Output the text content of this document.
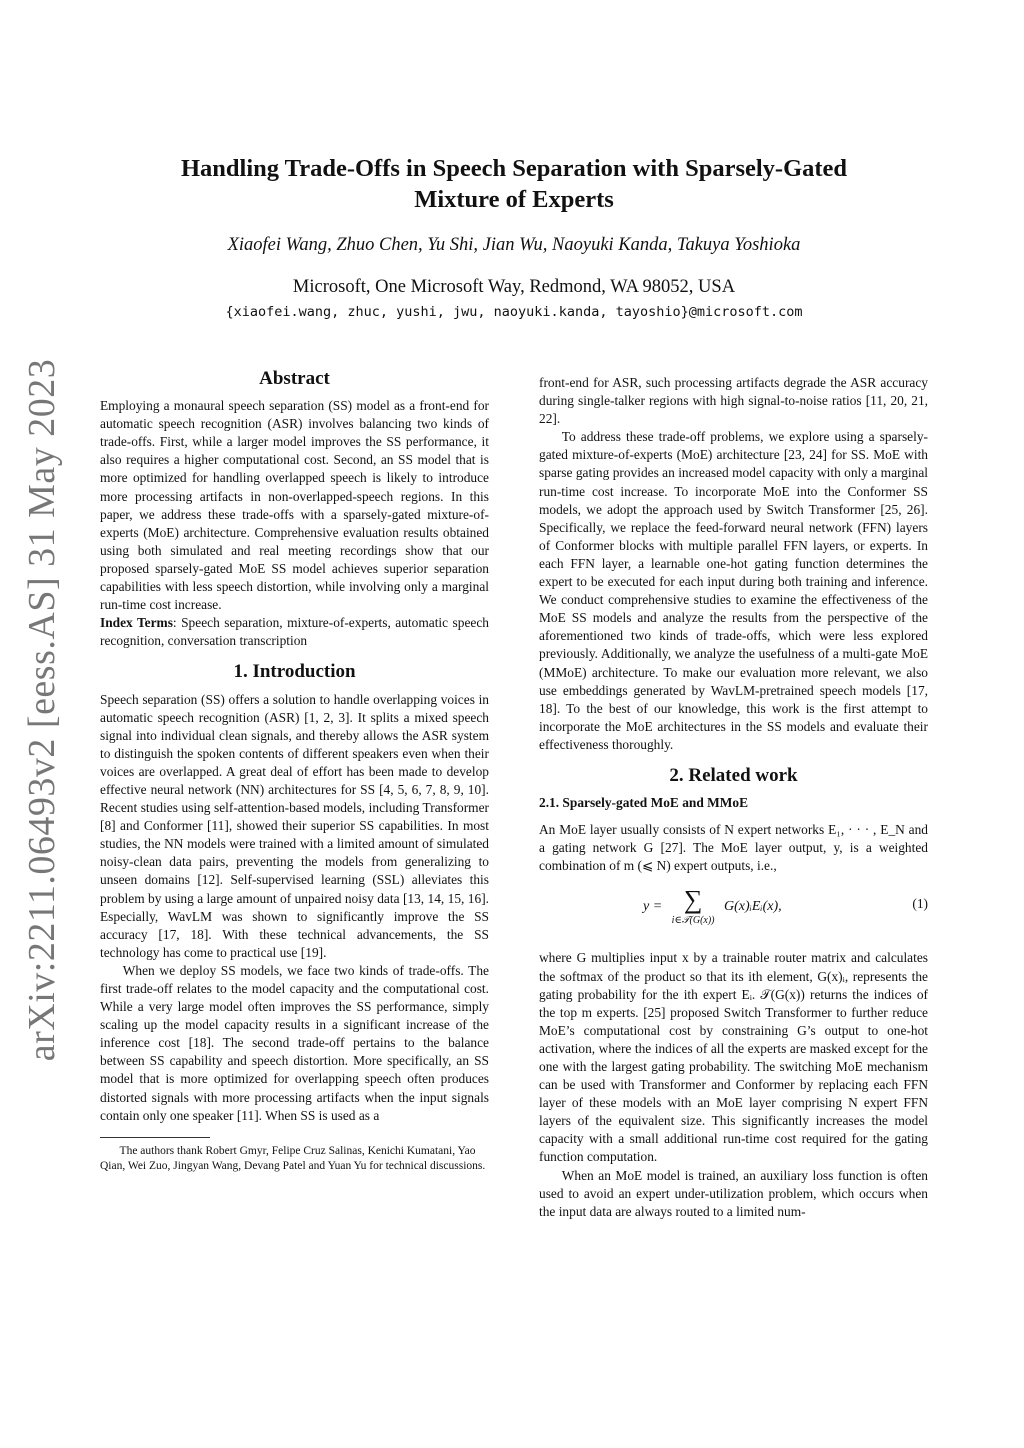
arXiv:2211.06493v2 [eess.AS] 31 May 2023
Handling Trade-Offs in Speech Separation with Sparsely-Gated
Mixture of Experts
Xiaofei Wang, Zhuo Chen, Yu Shi, Jian Wu, Naoyuki Kanda, Takuya Yoshioka
Microsoft, One Microsoft Way, Redmond, WA 98052, USA
{xiaofei.wang, zhuc, yushi, jwu, naoyuki.kanda, tayoshio}@microsoft.com
Abstract

Employing a monaural speech separation (SS) model as a front-end for automatic speech recognition (ASR) involves balancing two kinds of trade-offs. First, while a larger model improves the SS performance, it also requires a higher computational cost. Second, an SS model that is more optimized for handling overlapped speech is likely to introduce more processing artifacts in non-overlapped-speech regions. In this paper, we address these trade-offs with a sparsely-gated mixture-of-experts (MoE) architecture. Comprehensive evaluation results obtained using both simulated and real meeting recordings show that our proposed sparsely-gated MoE SS model achieves superior separation capabilities with less speech distortion, while involving only a marginal run-time cost increase.

Index Terms: Speech separation, mixture-of-experts, automatic speech recognition, conversation transcription

1. Introduction

Speech separation (SS) offers a solution to handle overlapping voices in automatic speech recognition (ASR) [1, 2, 3]. It splits a mixed speech signal into individual clean signals, and thereby allows the ASR system to distinguish the spoken contents of different speakers even when their voices are overlapped. A great deal of effort has been made to develop effective neural network (NN) architectures for SS [4, 5, 6, 7, 8, 9, 10]. Recent studies using self-attention-based models, including Transformer [8] and Conformer [11], showed their superior SS capabilities. In most studies, the NN models were trained with a limited amount of simulated noisy-clean data pairs, preventing the models from generalizing to unseen domains [12]. Self-supervised learning (SSL) alleviates this problem by using a large amount of unpaired noisy data [13, 14, 15, 16]. Especially, WavLM was shown to significantly improve the SS accuracy [17, 18]. With these technical advancements, the SS technology has come to practical use [19].

When we deploy SS models, we face two kinds of trade-offs. The first trade-off relates to the model capacity and the computational cost. While a very large model often improves the SS performance, simply scaling up the model capacity results in a significant increase of the inference cost [18]. The second trade-off pertains to the balance between SS capability and speech distortion. More specifically, an SS model that is more optimized for overlapping speech often produces distorted signals with more processing artifacts when the input signals contain only one speaker [11]. When SS is used as a

The authors thank Robert Gmyr, Felipe Cruz Salinas, Kenichi Kumatani, Yao Qian, Wei Zuo, Jingyan Wang, Devang Patel and Yuan Yu for technical discussions.

front-end for ASR, such processing artifacts degrade the ASR accuracy during single-talker regions with high signal-to-noise ratios [11, 20, 21, 22].

To address these trade-off problems, we explore using a sparsely-gated mixture-of-experts (MoE) architecture [23, 24] for SS. MoE with sparse gating provides an increased model capacity with only a marginal run-time cost increase. To incorporate MoE into the Conformer SS models, we adopt the approach used by Switch Transformer [25, 26]. Specifically, we replace the feed-forward neural network (FFN) layers of Conformer blocks with multiple parallel FFN layers, or experts. In each FFN layer, a learnable one-hot gating function determines the expert to be executed for each input during both training and inference. We conduct comprehensive studies to examine the effectiveness of the MoE SS models and analyze the results from the perspective of the aforementioned two kinds of trade-offs, which were less explored previously. Additionally, we analyze the usefulness of a multi-gate MoE (MMoE) architecture. To make our evaluation more relevant, we also use embeddings generated by WavLM-pretrained speech models [17, 18]. To the best of our knowledge, this work is the first attempt to incorporate the MoE architectures in the SS models and evaluate their effectiveness thoroughly.

2. Related work
2.1. Sparsely-gated MoE and MMoE

An MoE layer usually consists of N expert networks E₁, · · · , E_N and a gating network G [27]. The MoE layer output, y, is a weighted combination of m (⩽ N) expert outputs, i.e.,

y = ∑
i∈𝒯(G(x))
G(x)ᵢEᵢ(x),	(1)

where G multiplies input x by a trainable router matrix and calculates the softmax of the product so that its ith element, G(x)ᵢ, represents the gating probability for the ith expert Eᵢ. 𝒯(G(x)) returns the indices of the top m experts. [25] proposed Switch Transformer to further reduce MoE’s computational cost by constraining G’s output to one-hot activation, where the indices of all the experts are masked except for the one with the largest gating probability. The switching MoE mechanism can be used with Transformer and Conformer by replacing each FFN layer of these models with an MoE layer comprising N expert FFN layers of the equivalent size. This significantly increases the model capacity with a small additional run-time cost required for the gating function computation.

When an MoE model is trained, an auxiliary loss function is often used to avoid an expert under-utilization problem, which occurs when the input data are always routed to a limited num-
